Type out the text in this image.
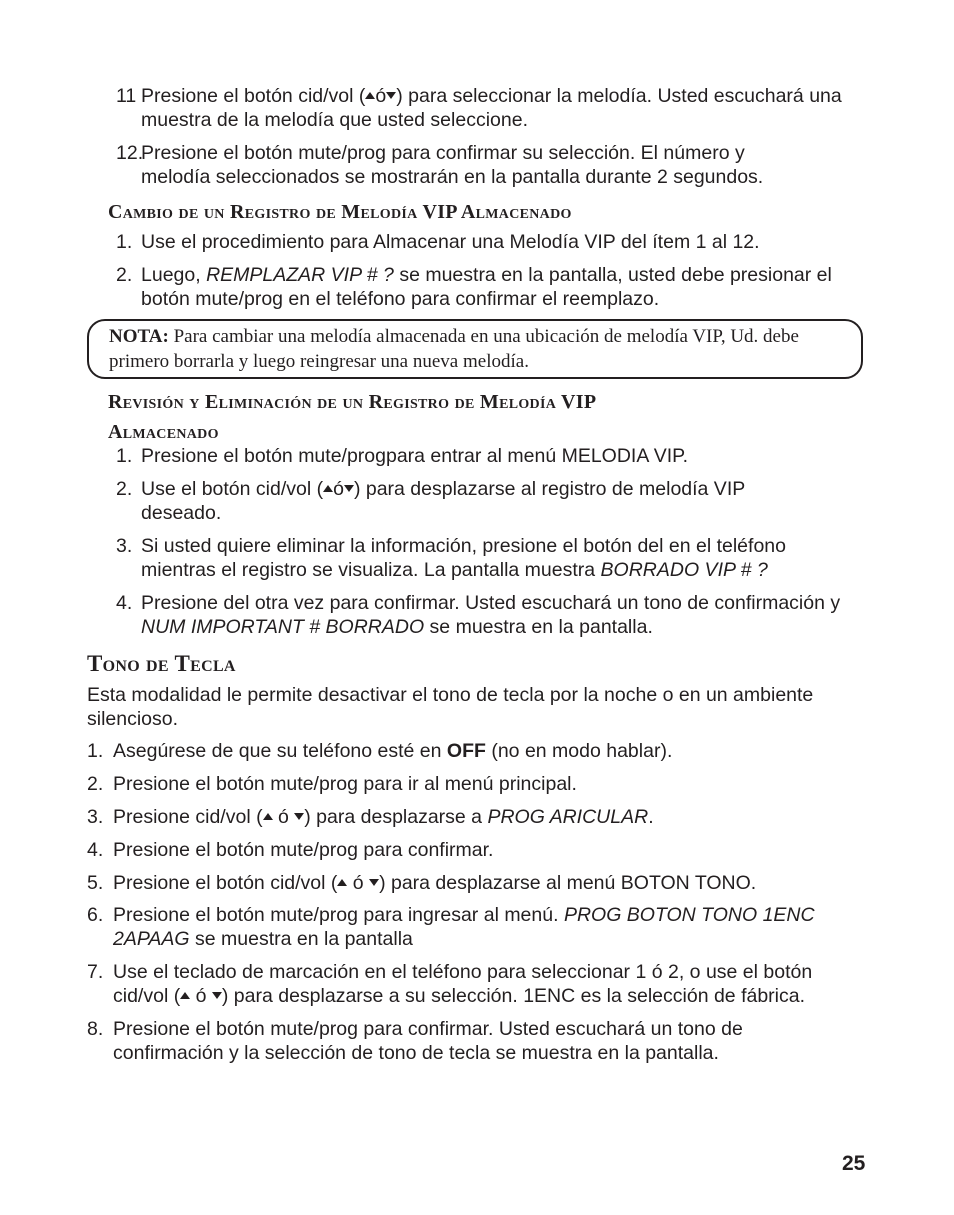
11 Presione el botón cid/vol ( ó ) para seleccionar la melodía. Usted escuchará una muestra de la melodía que usted seleccione.
12.
Presione el botón mute/prog para confirmar su selección. El número y melodía seleccionados se mostrarán en la pantalla durante 2 segundos.
Cambio de un Registro de Melodía VIP Almacenado
1. Use el procedimiento para Almacenar una Melodía VIP del ítem 1 al 12.
2. Luego, REMPLAZAR VIP # ? se muestra en la pantalla, usted debe presionar el botón mute/prog en el teléfono para confirmar el reemplazo.
NOTA: Para cambiar una melodía almacenada en una ubicación de melodía VIP, Ud. debe primero borrarla y luego reingresar una nueva melodía.
Revisión y Eliminación de un Registro de Melodía VIP
Almacenado
1. Presione el botón mute/progpara entrar al menú MELODIA VIP.
2. Use el botón cid/vol ( ó ) para desplazarse al registro de melodía VIP deseado.
3. Si usted quiere eliminar la información, presione el botón del en el teléfono mientras el registro se visualiza. La pantalla muestra BORRADO VIP # ?
4. Presione del otra vez para confirmar. Usted escuchará un tono de confirmación y NUM IMPORTANT # BORRADO se muestra en la pantalla.
Tono de Tecla
Esta modalidad le permite desactivar el tono de tecla por la noche o en un ambiente silencioso.
1. Asegúrese de que su teléfono esté en OFF (no en modo hablar).
2. Presione el botón mute/prog para ir al menú principal.
3. Presione cid/vol ( ó ) para desplazarse a PROG ARICULAR.
4. Presione el botón mute/prog para confirmar.
5. Presione el botón cid/vol ( ó ) para desplazarse al menú BOTON TONO.
6. Presione el botón mute/prog para ingresar al menú. PROG BOTON TONO 1ENC 2APAAG se muestra en la pantalla
7. Use el teclado de marcación en el teléfono para seleccionar 1 ó 2, o use el botón cid/vol ( ó ) para desplazarse a su selección. 1ENC es la selección de fábrica.
8. Presione el botón mute/prog para confirmar. Usted escuchará un tono de confirmación y la selección de tono de tecla se muestra en la pantalla.
25
